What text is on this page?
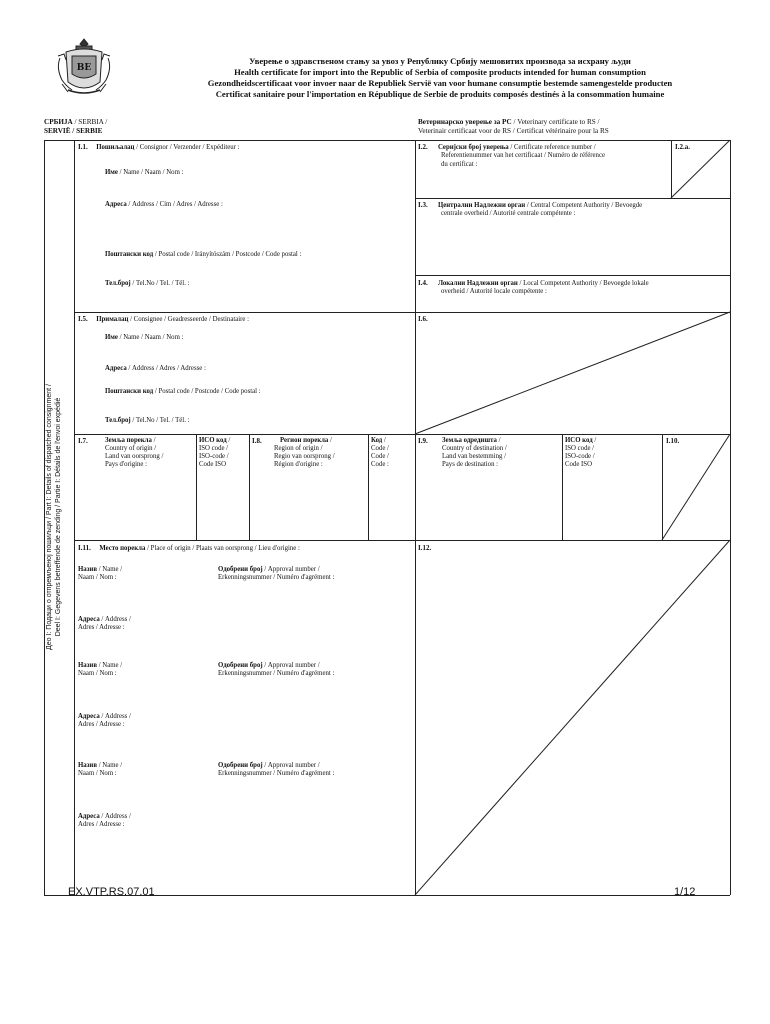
BE
Уверење о здравственом стању за увоз у Републику Србију мешовитих производа за исхрану људи
Health certificate for import into the Republic of Serbia of composite products intended for human consumption
Gezondheidscertificaat voor invoer naar de Republiek Servië van voor humane consumptie bestemde samengestelde producten
Certificat sanitaire pour l'importation en République de Serbie de produits composés destinés à la consommation humaine
СРБИЈА / SERBIA /
SERVIË / SERBIE
Ветеринарско уверење за РС / Veterinary certificate to RS /
Veterinair certificaat voor de RS / Certificat vétérinaire pour la RS
Део I: Подаци о отпремљеној пошиљци / Part I: Details of dispatched consignment / Deel I: Gegevens betreffende de zending / Partie I: Détails de l'envoi expédié
I.1. Пошиљалац / Consignor / Verzender / Expéditeur :
Име / Name / Naam / Nom :
Адреса / Address / Cím / Adres / Adresse :
Поштански код / Postal code / Irányítószám / Postcode / Code postal :
Тел.број / Tel.No / Tel. / Tél. :
I.2. Серијски број уверења / Certificate reference number /
Referentienummer van het certificaat / Numéro de référence
du certificat :
I.2.a.
I.3. Централни Надлежни орган / Central Competent Authority / Bevoegde
centrale overheid / Autorité centrale compétente :
I.4. Локални Надлежни орган / Local Competent Authority / Bevoegde lokale
overheid / Autorité locale compétente :
I.5. Прималац / Consignee / Geadresseerde / Destinataire :
Име / Name / Naam / Nom :
Адреса / Address / Adres / Adresse :
Поштански код / Postal code / Postcode / Code postal :
Тел.број / Tel.No / Tel. / Tél. :
I.6.
I.7.	Земља порекла /
Country of origin /
Land van oorsprong /
Pays d'origine :
ИСО код /
ISO code /
ISO-code /
Code ISO
I.8.	Регион порекла /
Region of origin /
Regio van oorsprong /
Région d'origine :
Код /
Code /
Code /
Code :
I.9. Земља одредишта /
Country of destination /
Land van bestemming /
Pays de destination :
ИСО код /
ISO code /
ISO-code /
Code ISO
I.10.
I.11. Место порекла / Place of origin / Plaats van oorsprong / Lieu d'origine :
Назив / Name /
Naam / Nom :
Одобрени број / Approval number /
Erkenningsnummer / Numéro d'agrément :
Адреса / Address /
Adres / Adresse :
Назив / Name /
Naam / Nom :
Одобрени број / Approval number /
Erkenningsnummer / Numéro d'agrément :
Адреса / Address /
Adres / Adresse :
Назив / Name /
Naam / Nom :
Одобрени број / Approval number /
Erkenningsnummer / Numéro d'agrément :
Адреса / Address /
Adres / Adresse :
I.12.
EX.VTP.RS.07.01	1/12
